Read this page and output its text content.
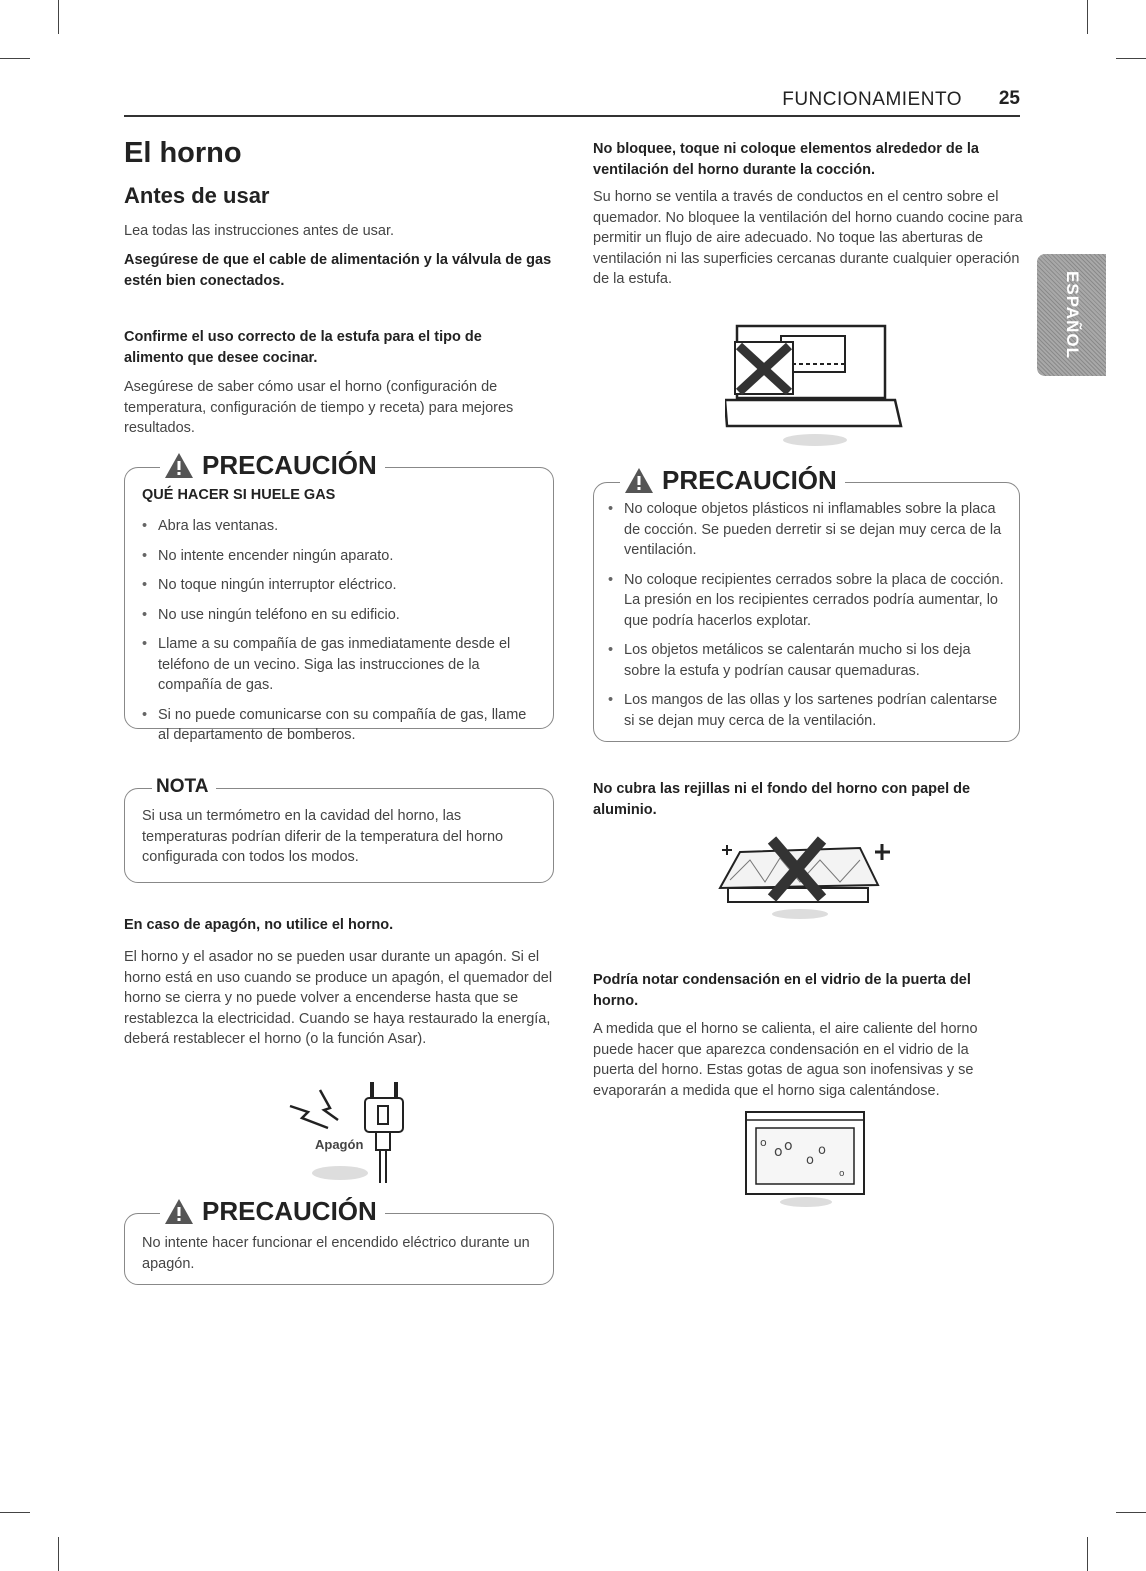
FUNCIONAMIENTO 25
ESPAÑOL
El horno
Antes de usar

Lea todas las instrucciones antes de usar.

Asegúrese de que el cable de alimentación y la válvula de gas estén bien conectados.

Confirme el uso correcto de la estufa para el tipo de alimento que desee cocinar.

Asegúrese de saber cómo usar el horno (configuración de temperatura, configuración de tiempo y receta) para mejores resultados.

PRECAUCIÓN
QUÉ HACER SI HUELE GAS
• Abra las ventanas.
• No intente encender ningún aparato.
• No toque ningún interruptor eléctrico.
• No use ningún teléfono en su edificio.
• Llame a su compañía de gas inmediatamente desde el teléfono de un vecino. Siga las instrucciones de la compañía de gas.
• Si no puede comunicarse con su compañía de gas, llame al departamento de bomberos.
NOTA

Si usa un termómetro en la cavidad del horno, las temperaturas podrían diferir de la temperatura del horno configurada con todos los modos.

En caso de apagón, no utilice el horno.

El horno y el asador no se pueden usar durante un apagón. Si el horno está en uso cuando se produce un apagón, el quemador del horno se cierra y no puede volver a encenderse hasta que se restablezca la electricidad. Cuando se haya restaurado la energía, deberá restablecer el horno (o la función Asar).

Apagón
PRECAUCIÓN

No intente hacer funcionar el encendido eléctrico durante un apagón.

No bloquee, toque ni coloque elementos alrededor de la ventilación del horno durante la cocción.

Su horno se ventila a través de conductos en el centro sobre el quemador. No bloquee la ventilación del horno cuando cocine para permitir un flujo de aire adecuado. No toque las aberturas de ventilación ni las superficies cercanas durante cualquier operación de la estufa.

PRECAUCIÓN
• No coloque objetos plásticos ni inflamables sobre la placa de cocción. Se pueden derretir si se dejan muy cerca de la ventilación.
• No coloque recipientes cerrados sobre la placa de cocción. La presión en los recipientes cerrados podría aumentar, lo que podría hacerlos explotar.
• Los objetos metálicos se calentarán mucho si los deja sobre la estufa y podrían causar quemaduras.
• Los mangos de las ollas y los sartenes podrían calentarse si se dejan muy cerca de la ventilación.

No cubra las rejillas ni el fondo del horno con papel de aluminio.

Podría notar condensación en el vidrio de la puerta del horno.

A medida que el horno se calienta, el aire caliente del horno puede hacer que aparezca condensación en el vidrio de la puerta del horno. Estas gotas de agua son inofensivas y se evaporarán a medida que el horno siga calentándose.

o
o o
o
o
o
